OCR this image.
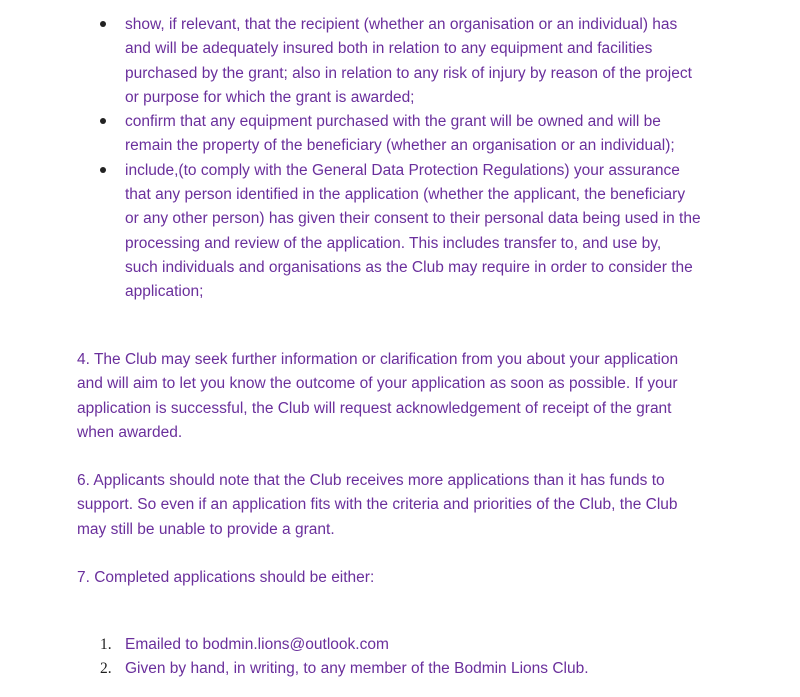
show, if relevant, that the recipient (whether an organisation or an individual) has
and will be adequately insured both in relation to any equipment and facilities
purchased by the grant; also in relation to any risk of injury by reason of the project
or purpose for which the grant is awarded;
confirm that any equipment purchased with the grant will be owned and will be
remain the property of the beneficiary (whether an organisation or an individual);
include,(to comply with the General Data Protection Regulations) your assurance
that any person identified in the application (whether the applicant, the beneficiary
or any other person) has given their consent to their personal data being used in the
processing and review of the application. This includes transfer to, and use by,
such individuals and organisations as the Club may require in order to consider the
application;
4. The Club may seek further information or clarification from you about your application
and will aim to let you know the outcome of your application as soon as possible. If your
application is successful, the Club will request acknowledgement of receipt of the grant
when awarded.
6. Applicants should note that the Club receives more applications than it has funds to
support. So even if an application fits with the criteria and priorities of the Club, the Club
may still be unable to provide a grant.
7. Completed applications should be either:
1. Emailed to bodmin.lions@outlook.com
2. Given by hand, in writing, to any member of the Bodmin Lions Club.
